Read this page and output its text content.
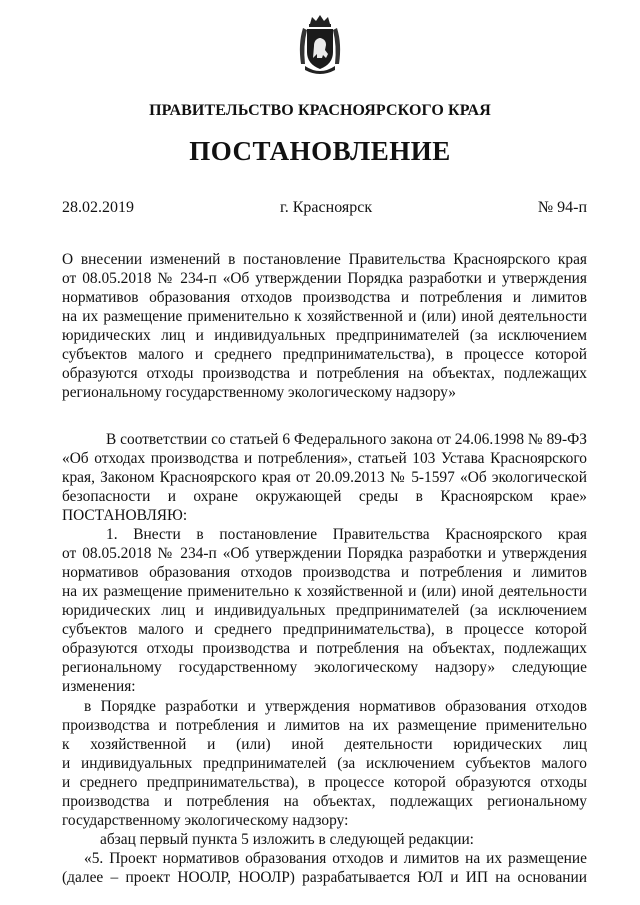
ПРАВИТЕЛЬСТВО КРАСНОЯРСКОГО КРАЯ
ПОСТАНОВЛЕНИЕ
28.02.2019	г. Красноярск	№ 94-п
О внесении изменений в постановление Правительства Красноярского края
от 08.05.2018 № 234-п «Об утверждении Порядка разработки и утверждения
нормативов образования отходов производства и потребления и лимитов
на их размещение применительно к хозяйственной и (или) иной деятельности
юридических лиц и индивидуальных предпринимателей (за исключением
субъектов малого и среднего предпринимательства), в процессе которой
образуются отходы производства и потребления на объектах, подлежащих
региональному государственному экологическому надзору»
В соответствии со статьей 6 Федерального закона от 24.06.1998 № 89-ФЗ
«Об отходах производства и потребления», статьей 103 Устава Красноярского
края, Законом Красноярского края от 20.09.2013 № 5-1597 «Об экологической
безопасности и охране окружающей среды в Красноярском крае»
ПОСТАНОВЛЯЮ:
1. Внести в постановление Правительства Красноярского края
от 08.05.2018 № 234-п «Об утверждении Порядка разработки и утверждения
нормативов образования отходов производства и потребления и лимитов
на их размещение применительно к хозяйственной и (или) иной деятельности
юридических лиц и индивидуальных предпринимателей (за исключением
субъектов малого и среднего предпринимательства), в процессе которой
образуются отходы производства и потребления на объектах, подлежащих
региональному государственному экологическому надзору» следующие
изменения:
в Порядке разработки и утверждения нормативов образования отходов
производства и потребления и лимитов на их размещение применительно
к хозяйственной и (или) иной деятельности юридических лиц
и индивидуальных предпринимателей (за исключением субъектов малого
и среднего предпринимательства), в процессе которой образуются отходы
производства и потребления на объектах, подлежащих региональному
государственному экологическому надзору:
абзац первый пункта 5 изложить в следующей редакции:
«5. Проект нормативов образования отходов и лимитов на их размещение
(далее – проект НООЛР, НООЛР) разрабатывается ЮЛ и ИП на основании
